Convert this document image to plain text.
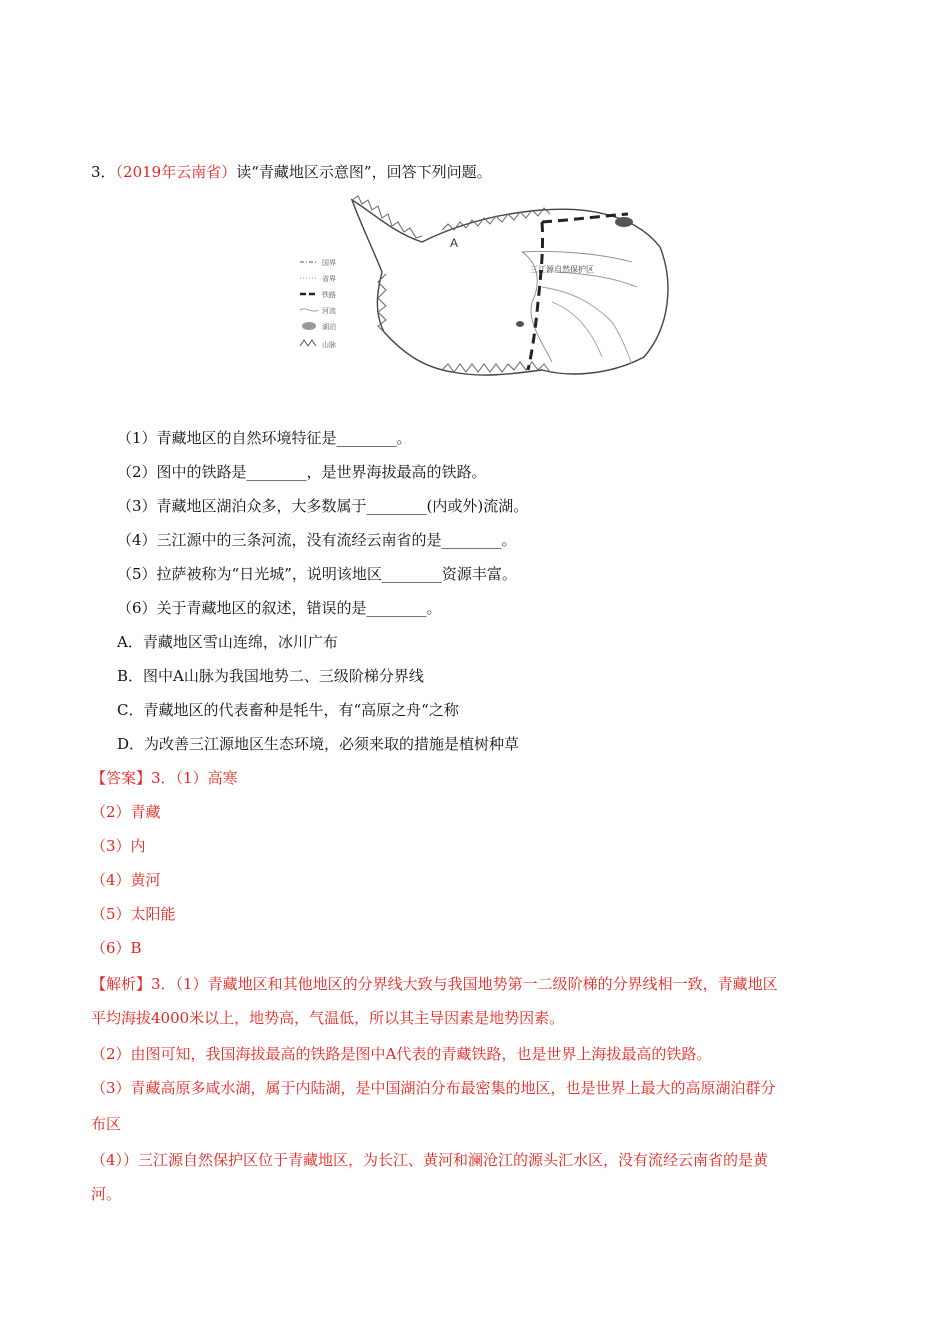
3．（2019年云南省）读“青藏地区示意图”，回答下列问题。
A
三江源自然保护区
国界
省界
铁路
河流
湖泊
山脉
（1）青藏地区的自然环境特征是________。
（2）图中的铁路是________，是世界海拔最高的铁路。
（3）青藏地区湖泊众多，大多数属于________(内或外)流湖。
（4）三江源中的三条河流，没有流经云南省的是________。
（5）拉萨被称为“日光城”，说明该地区________资源丰富。
（6）关于青藏地区的叙述，错误的是________。
A．青藏地区雪山连绵，冰川广布
B．图中A山脉为我国地势二、三级阶梯分界线
C．青藏地区的代表畜种是牦牛，有“高原之舟“之称
D．为改善三江源地区生态环境，必须来取的措施是植树种草
【答案】3．（1）高寒
（2）青藏
（3）内
（4）黄河
（5）太阳能
（6）B
【解析】3．（1）青藏地区和其他地区的分界线大致与我国地势第一二级阶梯的分界线相一致，青藏地区
平均海拔4000米以上，地势高，气温低，所以其主导因素是地势因素。
（2）由图可知，我国海拔最高的铁路是图中A代表的青藏铁路，也是世界上海拔最高的铁路。
（3）青藏高原多咸水湖，属于内陆湖，是中国湖泊分布最密集的地区，也是世界上最大的高原湖泊群分
布区
（4））三江源自然保护区位于青藏地区，为长江、黄河和澜沧江的源头汇水区，没有流经云南省的是黄
河。
